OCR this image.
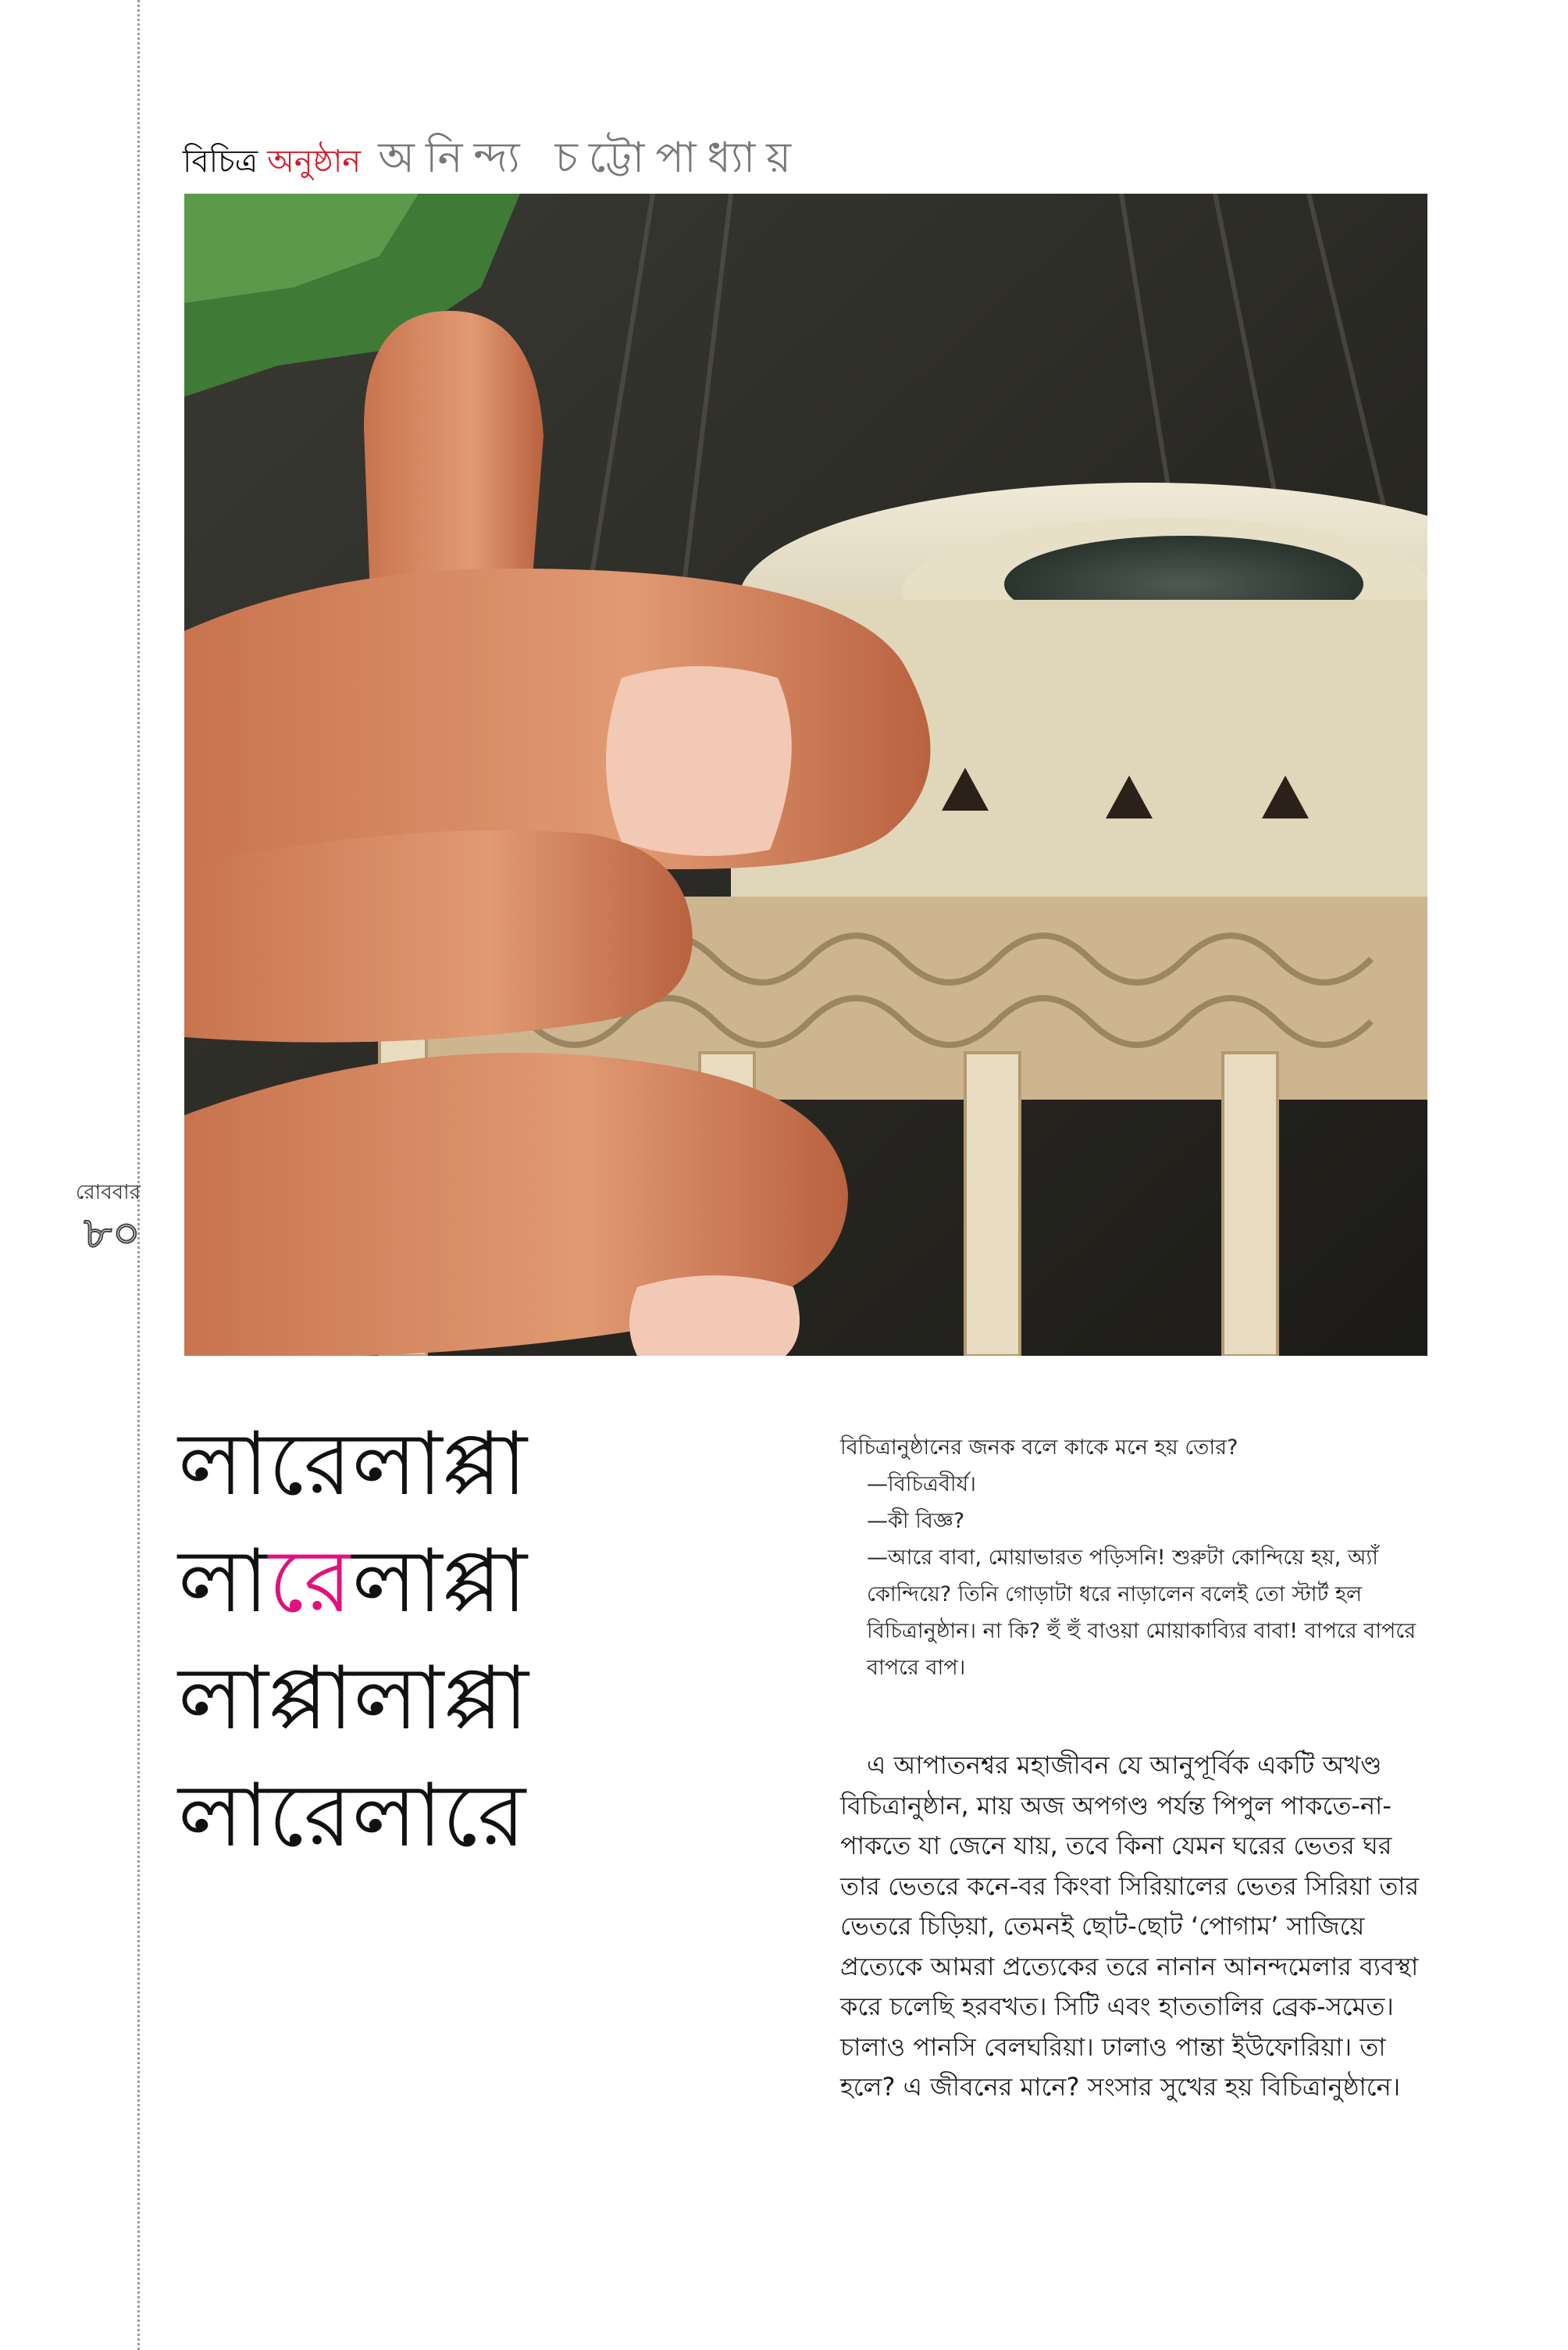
রোববার
৮০
বিচিত্র অনুষ্ঠান অনিন্দ্য চট্টোপাধ্যায়
লারেলাপ্পা
লারেলাপ্পা
লাপ্পালাপ্পা
লারেলারে

বিচিত্রানুষ্ঠানের জনক বলে কাকে মনে হয় তোর?

—বিচিত্রবীর্য।

—কী বিজ্ঞ?

—আরে বাবা, মোয়াভারত পড়িসনি! শুরুটা কোন্দিয়ে হয়, অ্যাঁ কোন্দিয়ে? তিনি গোড়াটা ধরে নাড়ালেন বলেই তো স্টার্ট হল বিচিত্রানুষ্ঠান। না কি? হুঁ হুঁ বাওয়া মোয়াকাব্যির বাবা! বাপরে বাপরে বাপরে বাপ।

এ আপাতনশ্বর মহাজীবন যে আনুপূর্বিক একটি অখণ্ড বিচিত্রানুষ্ঠান, মায় অজ অপগণ্ড পর্যন্ত পিপুল পাকতে-না-পাকতে যা জেনে যায়, তবে কিনা যেমন ঘরের ভেতর ঘর তার ভেতরে কনে-বর কিংবা সিরিয়ালের ভেতর সিরিয়া তার ভেতরে চিড়িয়া, তেমনই ছোট-ছোট ‘পোগাম’ সাজিয়ে প্রত্যেকে আমরা প্রত্যেকের তরে নানান আনন্দমেলার ব্যবস্থা করে চলেছি হরবখত। সিটি এবং হাততালির ব্রেক-সমেত। চালাও পানসি বেলঘরিয়া। ঢালাও পান্তা ইউফোরিয়া। তা হলে? এ জীবনের মানে? সংসার সুখের হয় বিচিত্রানুষ্ঠানে।
